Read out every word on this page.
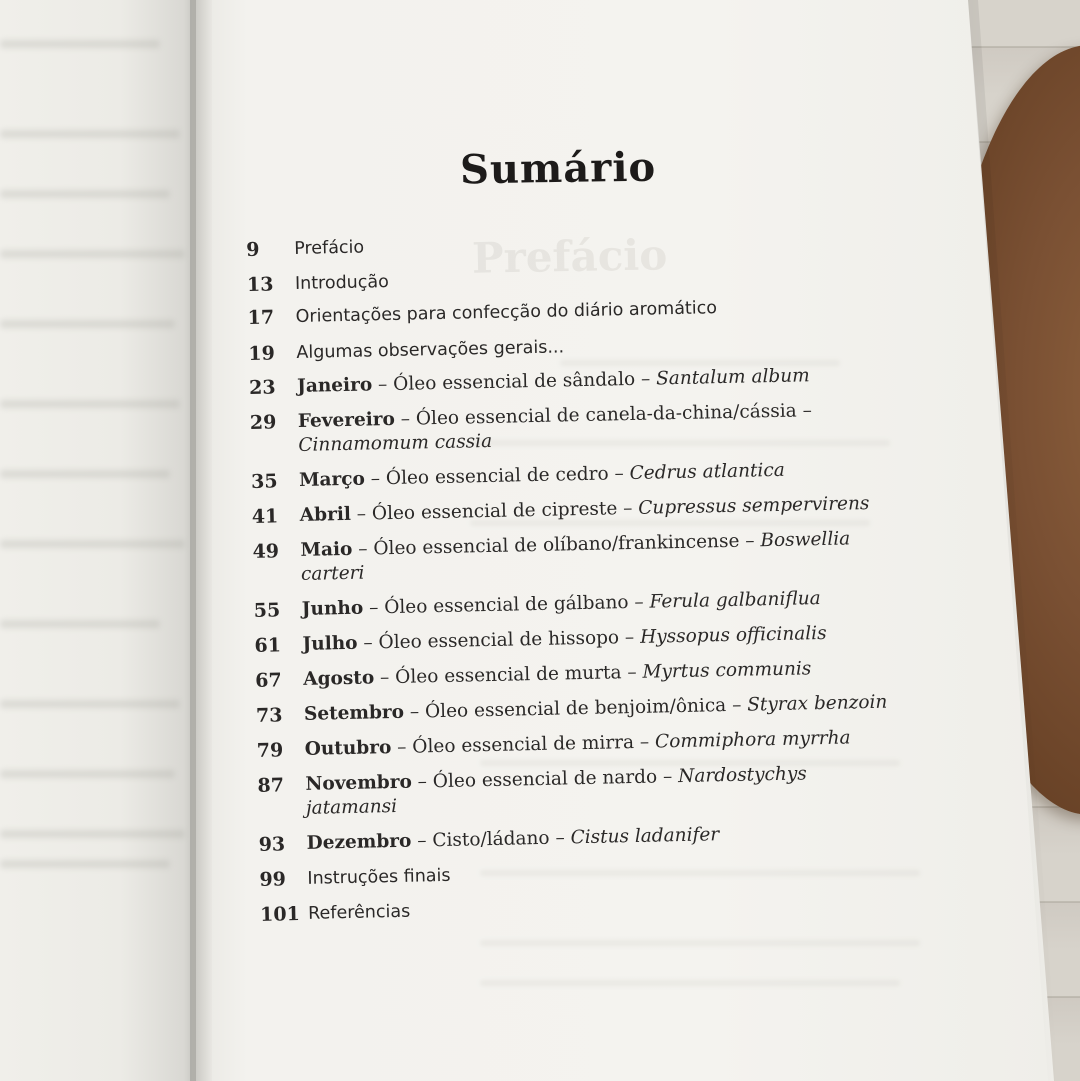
Prefácio
Sumário
9	Prefácio
13	Introdução
17	Orientações para confecção do diário aromático
19	Algumas observações gerais...
23	Janeiro – Óleo essencial de sândalo – Santalum album
29	Fevereiro – Óleo essencial de canela-da-china/cássia –
Cinnamomum cassia
35	Março – Óleo essencial de cedro – Cedrus atlantica
41	Abril – Óleo essencial de cipreste – Cupressus sempervirens
49	Maio – Óleo essencial de olíbano/frankincense – Boswellia carteri
55	Junho – Óleo essencial de gálbano – Ferula galbaniflua
61	Julho – Óleo essencial de hissopo – Hyssopus officinalis
67	Agosto – Óleo essencial de murta – Myrtus communis
73	Setembro – Óleo essencial de benjoim/ônica – Styrax benzoin
79	Outubro – Óleo essencial de mirra – Commiphora myrrha
87	Novembro – Óleo essencial de nardo – Nardostychys jatamansi
93	Dezembro – Cisto/ládano – Cistus ladanifer
99	Instruções finais
101 Referências
